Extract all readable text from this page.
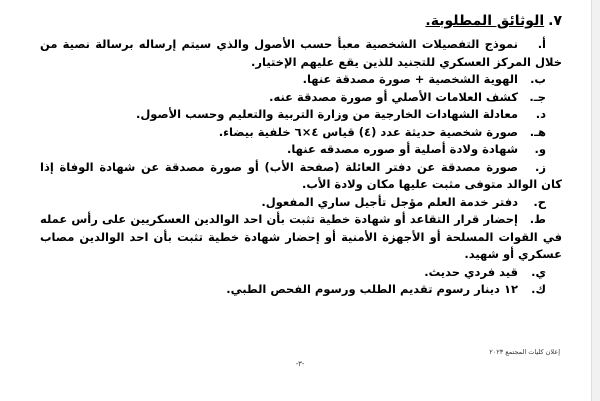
٧.الوثائق المطلوبة.

أ.نموذج التفصيلات الشخصية معبأ حسب الأصول والذي سيتم إرساله برسالة نصية من خلال المركز العسكري للتجنيد للذين يقع عليهم الإختيار.

ب.الهوية الشخصية + صورة مصدقة عنها.

جـ.كشف العلامات الأصلي أو صورة مصدقة عنه.

د.معادلة الشهادات الخارجية من وزارة التربية والتعليم وحسب الأصول.

هـ.صورة شخصية حديثة عدد (٤) قياس ٤×٦ خلفية بيضاء.

و.شهادة ولادة أصلية أو صوره مصدقه عنها.

ز.صورة مصدقة عن دفتر العائلة (صفحة الأب) أو صورة مصدقة عن شهادة الوفاة إذا كان الوالد متوفى مثبت عليها مكان ولادة الأب.

ح.دفتر خدمة العلم مؤجل تأجيل ساري المفعول.

ط.إحضار قرار التقاعد أو شهادة خطية تثبت بأن احد الوالدين العسكريين على رأس عمله في القوات المسلحة أو الأجهزة الأمنية أو إحضار شهادة خطية تثبت بأن احد الوالدين مصاب عسكري أو شهيد.

ي.قيد فردي حديث.

ك.١٢ دينار رسوم تقديم الطلب ورسوم الفحص الطبي.

إعلان كليات المجتمع ٢٠٢٣
-٣-
